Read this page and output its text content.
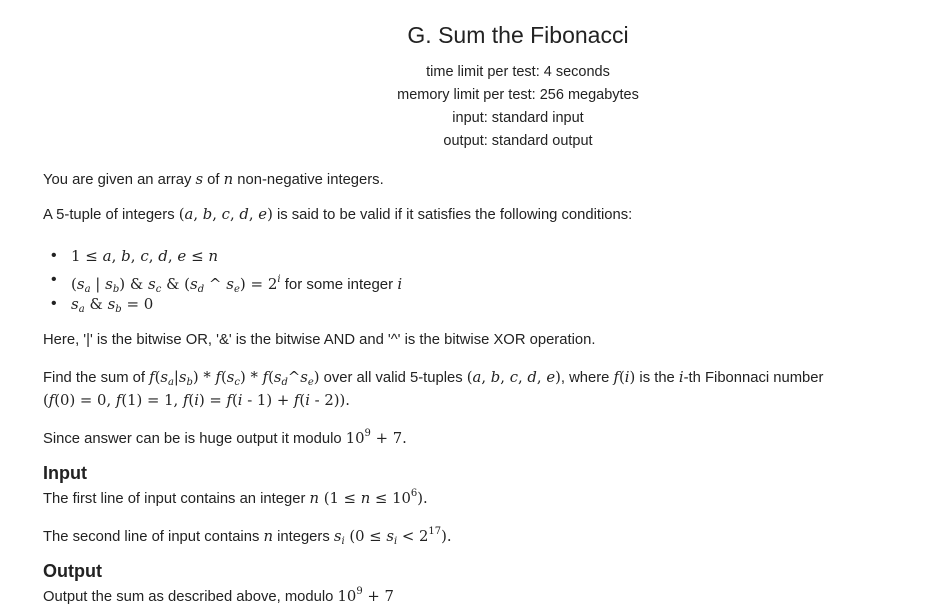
G. Sum the Fibonacci
time limit per test: 4 seconds
memory limit per test: 256 megabytes
input: standard input
output: standard output
You are given an array s of n non-negative integers.
A 5-tuple of integers (a, b, c, d, e) is said to be valid if it satisfies the following conditions:
• 1 ≤ a, b, c, d, e ≤ n
• ($s_a$ | $s_b$) & $s_c$ & ($s_d$ ^ $s_e) = 2^i$ for some integer i
• $s_a$ & $s_b = 0$
Here, '|' is the bitwise OR, '&' is the bitwise AND and '^' is the bitwise XOR operation.
Find the sum of $f(s_a|s_b) * f(s_c)$ * $f(s_d\^{}s_e)$ over all valid 5-tuples (a, b, c, d, e), where f(i) is the i-th Fibonnaci number
(f(0) = 0, f(1) = 1, f(i) = f(i - 1) + f(i - 2)).
Since answer can be is huge output it modulo $10^9 + 7$.
Input
The first line of input contains an integer n $(1 \le n \le 10^6)$.
The second line of input contains n integers $s_i$ $(0 \le s_i < 2^{17})$.
Output
Output the sum as described above, modulo $10^9 + 7$
